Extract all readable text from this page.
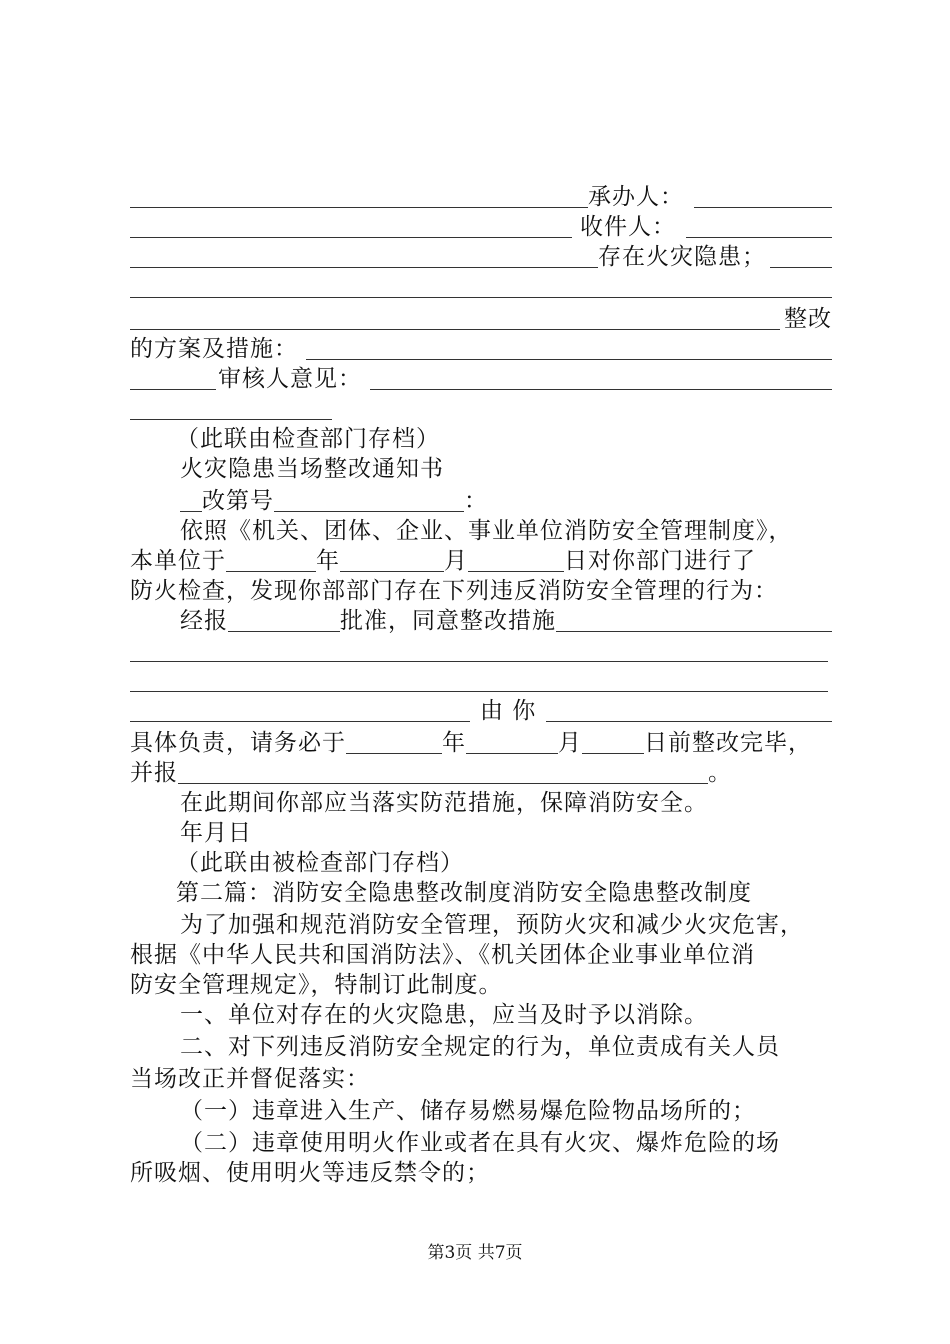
承办人：
收件人：
存在火灾隐患；
整改
的方案及措施：
审核人意见：
（此联由检查部门存档）
火灾隐患当场整改通知书
改第号	：
依照《机关、团体、企业、事业单位消防安全管理制度》，
本单位于	年	月	日对你部门进行了
防火检查，发现你部部门存在下列违反消防安全管理的行为：
经报	批准，同意整改措施
由 你
具体负责，请务必于	年	月	日前整改完毕，
并报	。
在此期间你部应当落实防范措施，保障消防安全。
年月日
（此联由被检查部门存档）
第二篇：消防安全隐患整改制度消防安全隐患整改制度
为了加强和规范消防安全管理，预防火灾和减少火灾危害，
根据《中华人民共和国消防法》、《机关团体企业事业单位消
防安全管理规定》，特制订此制度。
一、单位对存在的火灾隐患，应当及时予以消除。
二、对下列违反消防安全规定的行为，单位责成有关人员
当场改正并督促落实：
（一）违章进入生产、储存易燃易爆危险物品场所的；
（二）违章使用明火作业或者在具有火灾、爆炸危险的场
所吸烟、使用明火等违反禁令的；
第3页 共7页
